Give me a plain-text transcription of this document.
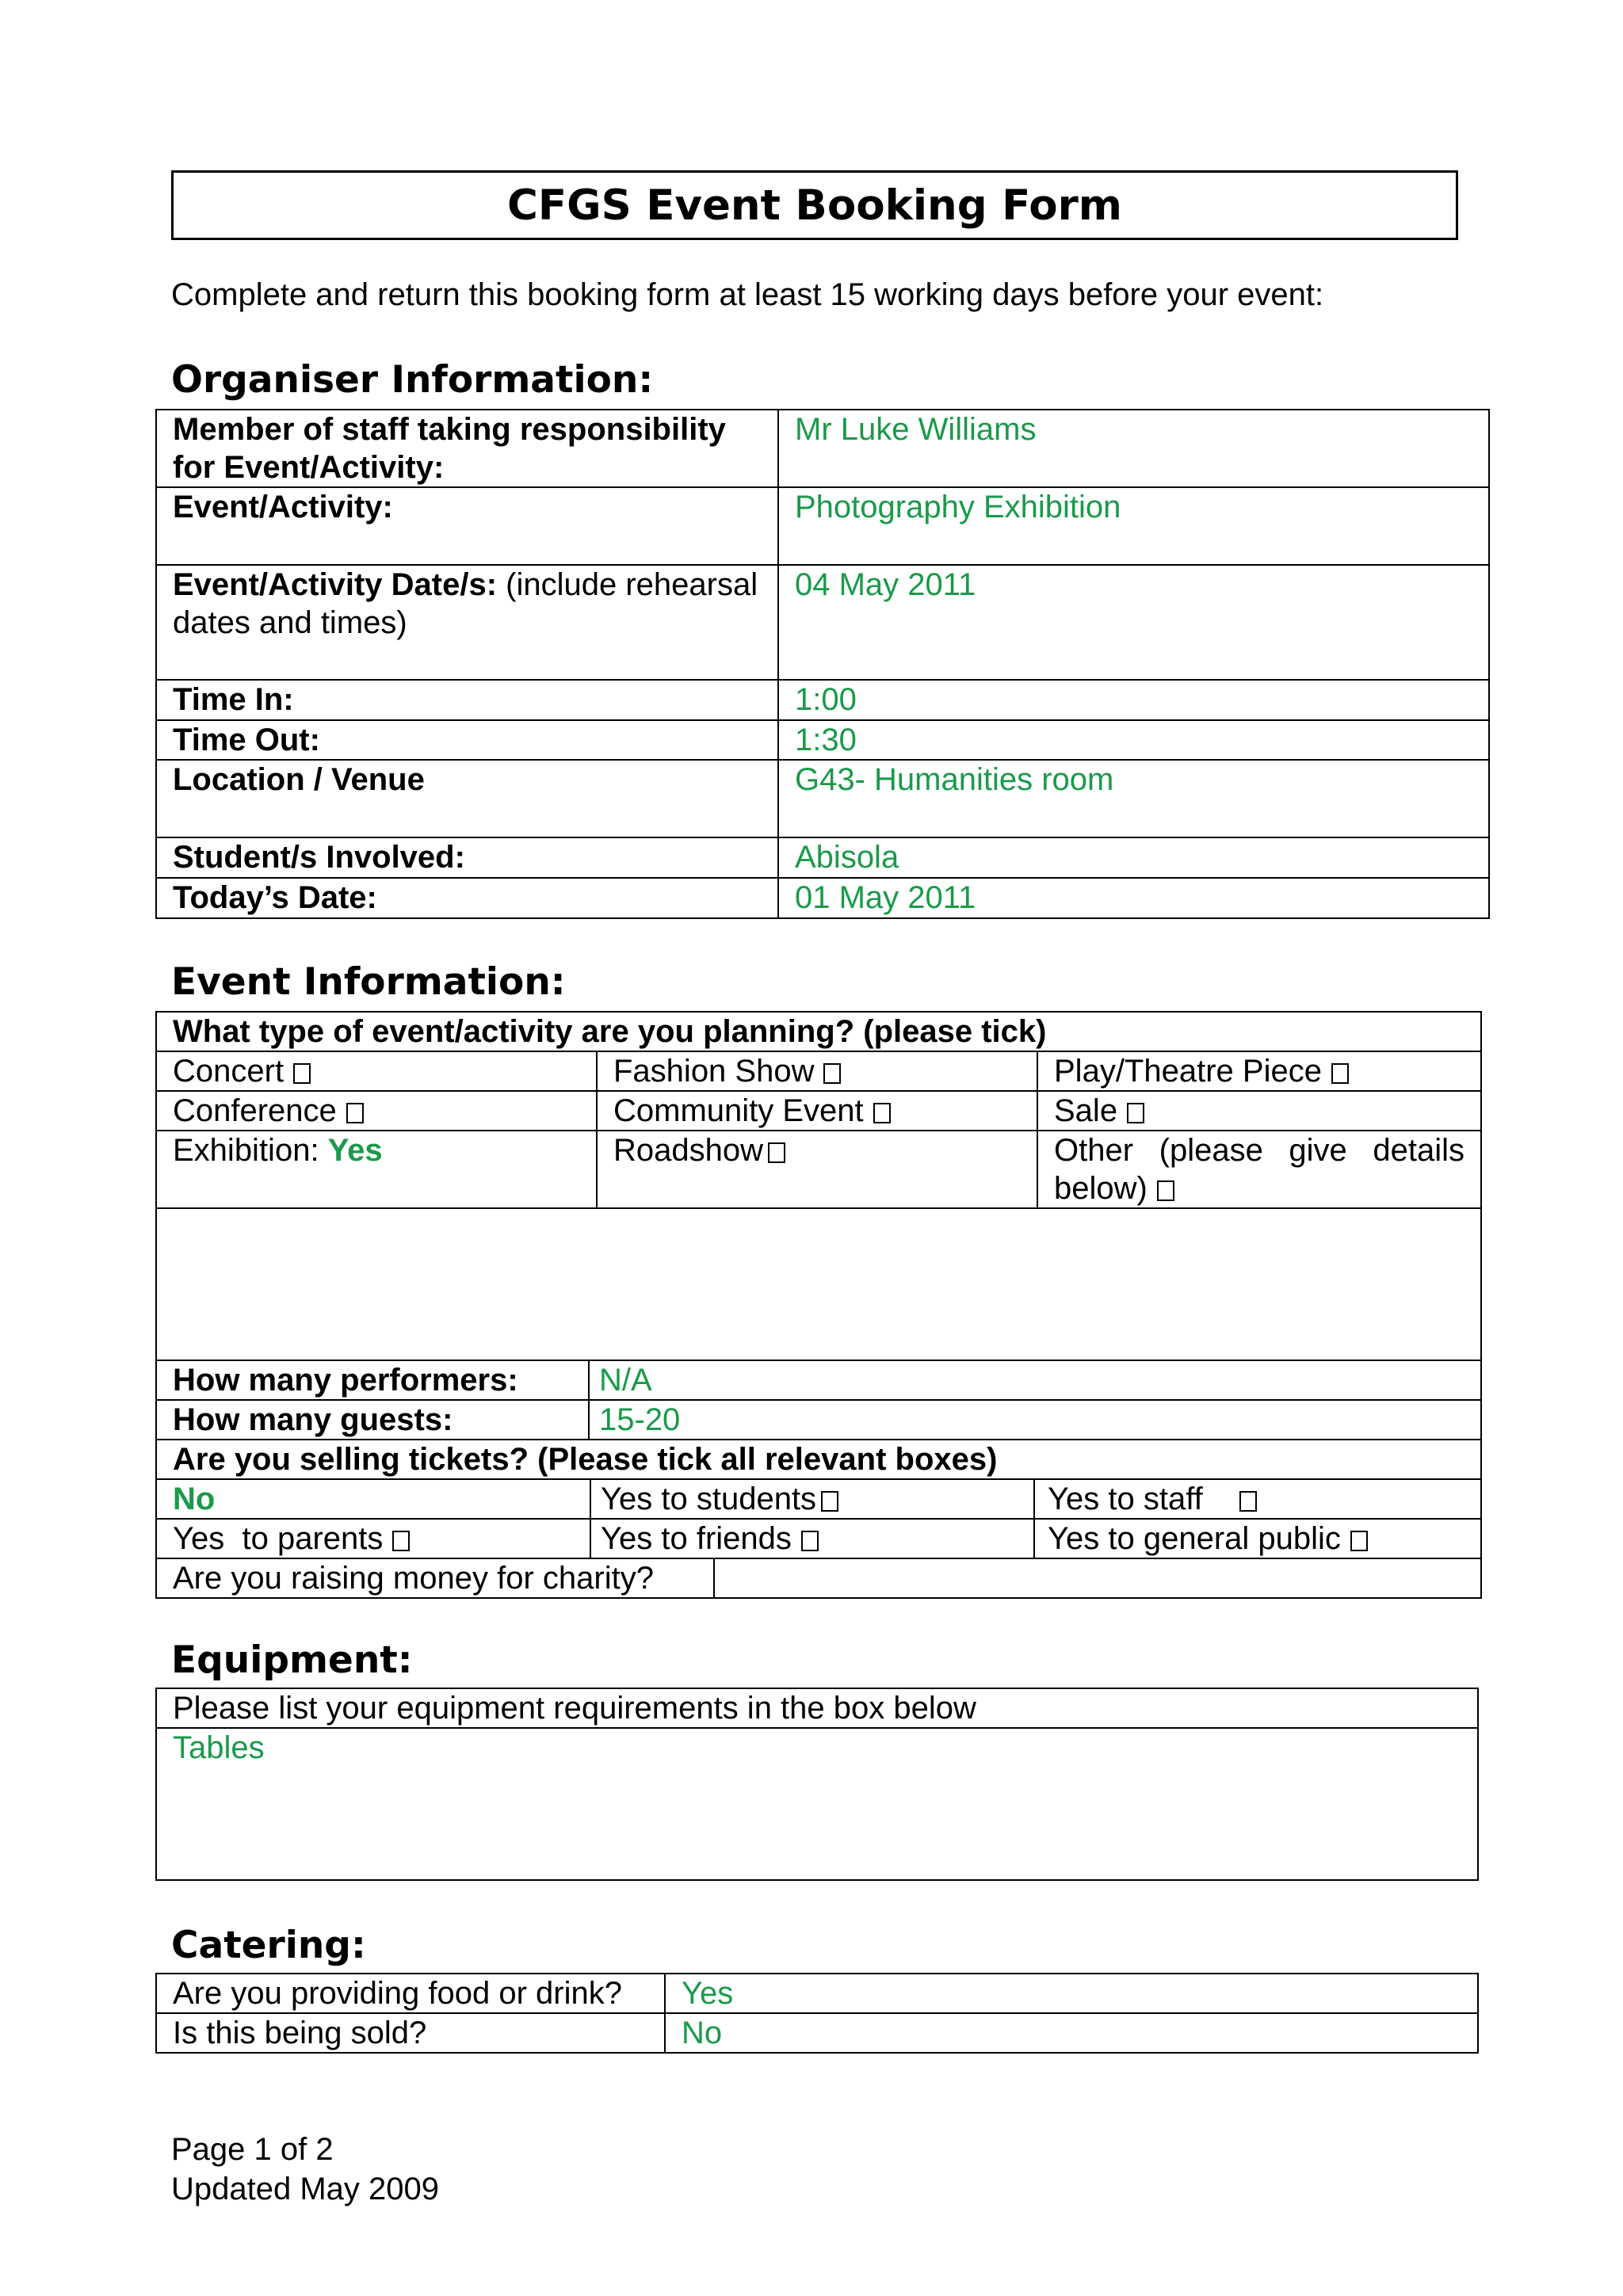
CFGS Event Booking Form
Complete and return this booking form at least 15 working days before your event:
Organiser Information:
Member of staff taking responsibility for Event/Activity:	Mr Luke Williams
Event/Activity:	Photography Exhibition
Event/Activity Date/s: (include rehearsal dates and times)	04 May 2011
Time In:	1:00
Time Out:	1:30
Location / Venue	G43- Humanities room
Student/s Involved:	Abisola
Today’s Date:	01 May 2011
Event Information:
What type of event/activity are you planning? (please tick)		
Concert	Fashion Show	Play/Theatre Piece
Conference	Community Event	Sale
Exhibition: Yes	Roadshow	Other (please give details below)

How many performers:	N/A
How many guests:	15-20
Are you selling tickets? (Please tick all relevant boxes)		
No	Yes to students	Yes to staff
Yes  to parents	Yes to friends	Yes to general public
Are you raising money for charity?	
Equipment:
Please list your equipment requirements in the box below
Tables
Catering:
Are you providing food or drink?	Yes
Is this being sold?	No
Page 1 of 2
Updated May 2009
